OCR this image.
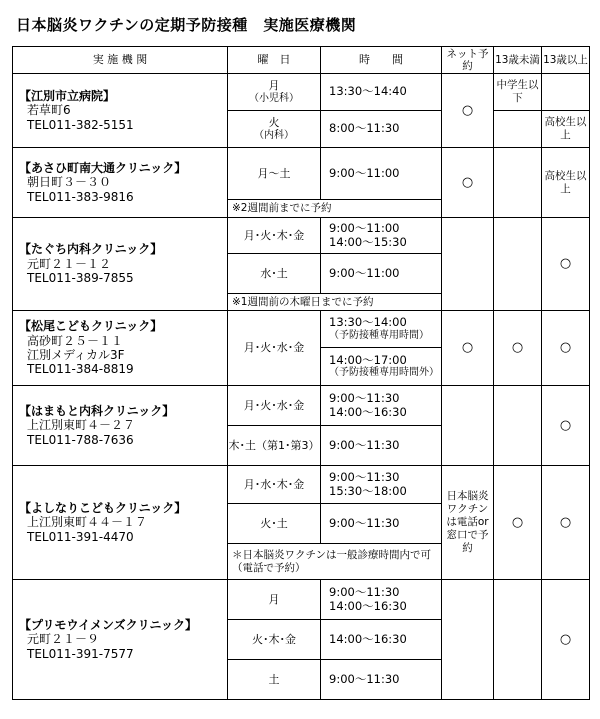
日本脳炎ワクチンの定期予防接種　実施医療機関
実 施 機 関	曜　日	時　　間	ネット予約	13歳未満	13歳以上

【江別市立病院】
若草町6
TEL011-382-5151	月
（小児科）	13:30～14:40	○	中学生以下	
	火
（内科）	8:00～11:30			高校生以上

【あさひ町南大通クリニック】
朝日町３－３０
TEL011-383-9816	月～土	9:00～11:00	○		高校生以上
	※2週間前までに予約				

【たぐち内科クリニック】
元町２１－１２
TEL011-389-7855	月･火･木･金	9:00～11:00
14:00～15:30			○
	水･土	9:00～11:00			
	※1週間前の木曜日までに予約				

【松尾こどもクリニック】
高砂町２５－１１
江別メディカル3F
TEL011-384-8819	月･火･水･金	13:30～14:00
（予防接種専用時間）	○	○	○

		14:00～17:00
（予防接種専用時間外）			

【はまもと内科クリニック】
上江別東町４－２７
TEL011-788-7636	月･火･水･金	9:00～11:30
14:00～16:30			○
	木･土（第1･第3）	9:00～11:30			

【よしなりこどもクリニック】
上江別東町４４－１７
TEL011-391-4470	月･水･木･金	9:00～11:30
15:30～18:00	日本脳炎ワクチンは電話or窓口で予約	○	○
	火･土	9:00～11:30			
	＊日本脳炎ワクチンは一般診療時間内で可（電話で予約）				

【プリモウイメンズクリニック】
元町２１－９
TEL011-391-7577	月	9:00～11:30
14:00～16:30			○
	火･木･金	14:00～16:30			
	土	9:00～11:30			
